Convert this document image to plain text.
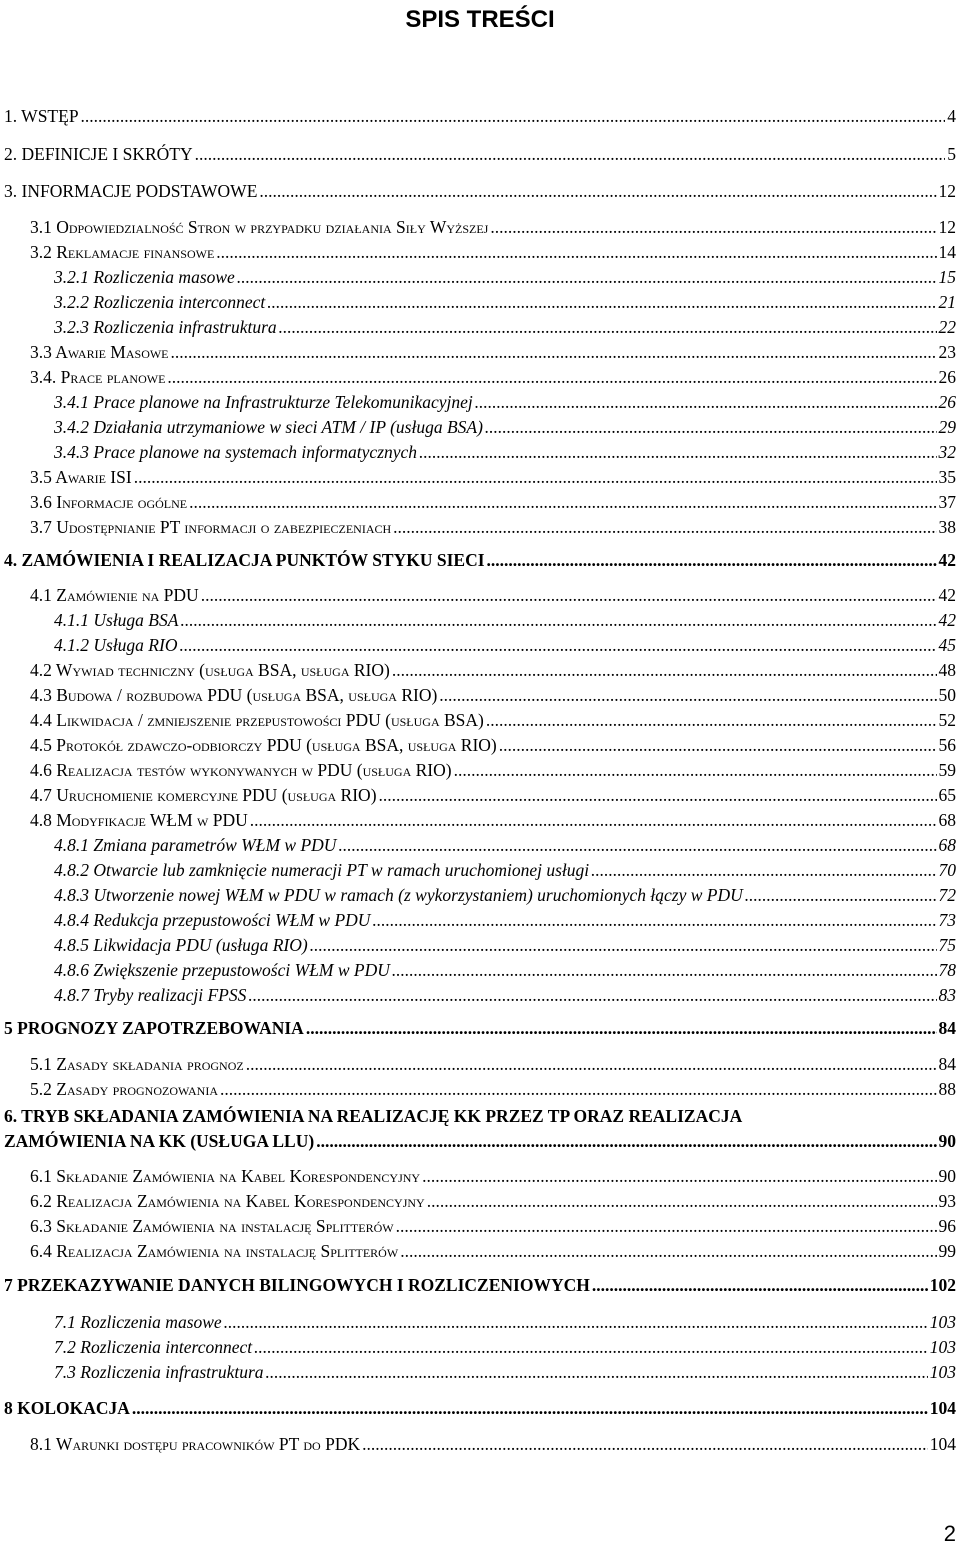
SPIS TREŚCI
1. WSTĘP .....	4
2. DEFINICJE I SKRÓTY .....	5
3. INFORMACJE PODSTAWOWE .....	12
3.1 Odpowiedzialność Stron w przypadku działania Siły Wyższej .....	12
3.2 Reklamacje finansowe .....	14
3.2.1 Rozliczenia masowe .....	15
3.2.2 Rozliczenia interconnect .....	21
3.2.3 Rozliczenia infrastruktura .....	22
3.3 Awarie Masowe .....	23
3.4. Prace planowe .....	26
3.4.1 Prace planowe na Infrastrukturze Telekomunikacyjnej .....	26
3.4.2 Działania utrzymaniowe w sieci ATM / IP (usługa BSA) .....	29
3.4.3 Prace planowe na systemach informatycznych .....	32
3.5 Awarie ISI .....	35
3.6 Informacje ogólne .....	37
3.7 Udostępnianie PT informacji o zabezpieczeniach .....	38
4. ZAMÓWIENIA I REALIZACJA PUNKTÓW STYKU SIECI .....	42
4.1 Zamówienie na PDU .....	42
4.1.1 Usługa BSA .....	42
4.1.2 Usługa RIO .....	45
4.2 Wywiad techniczny (usługa BSA, usługa RIO) .....	48
4.3 Budowa / rozbudowa PDU (usługa BSA, usługa RIO) .....	50
4.4 Likwidacja / zmniejszenie przepustowości PDU (usługa BSA) .....	52
4.5 Protokół zdawczo-odbiorczy PDU (usługa BSA, usługa RIO) .....	56
4.6 Realizacja testów wykonywanych w PDU (usługa RIO) .....	59
4.7 Uruchomienie komercyjne PDU (usługa RIO) .....	65
4.8 Modyfikacje WŁM w PDU .....	68
4.8.1 Zmiana parametrów WŁM w PDU .....	68
4.8.2 Otwarcie lub zamknięcie numeracji PT w ramach uruchomionej usługi .....	70
4.8.3 Utworzenie nowej WŁM w PDU w ramach (z wykorzystaniem) uruchomionych łączy w PDU .....	72
4.8.4 Redukcja przepustowości WŁM w PDU .....	73
4.8.5 Likwidacja PDU (usługa RIO) .....	75
4.8.6 Zwiększenie przepustowości WŁM w PDU .....	78
4.8.7 Tryby realizacji FPSS .....	83
5 PROGNOZY ZAPOTRZEBOWANIA .....	84
5.1 Zasady składania prognoz .....	84
5.2 Zasady prognozowania .....	88
6. TRYB SKŁADANIA ZAMÓWIENIA NA REALIZACJĘ KK PRZEZ TP ORAZ REALIZACJA
ZAMÓWIENIA NA KK (USŁUGA LLU) .....	90
6.1 Składanie Zamówienia na Kabel Korespondencyjny .....	90
6.2 Realizacja Zamówienia na Kabel Korespondencyjny .....	93
6.3 Składanie Zamówienia na instalację Splitterów .....	96
6.4 Realizacja Zamówienia na instalację Splitterów .....	99
7 PRZEKAZYWANIE DANYCH BILINGOWYCH I ROZLICZENIOWYCH .....	102
7.1 Rozliczenia masowe .....	103
7.2 Rozliczenia interconnect .....	103
7.3 Rozliczenia infrastruktura .....	103
8 KOLOKACJA .....	104
8.1 Warunki dostępu pracowników PT do PDK .....	104
2
